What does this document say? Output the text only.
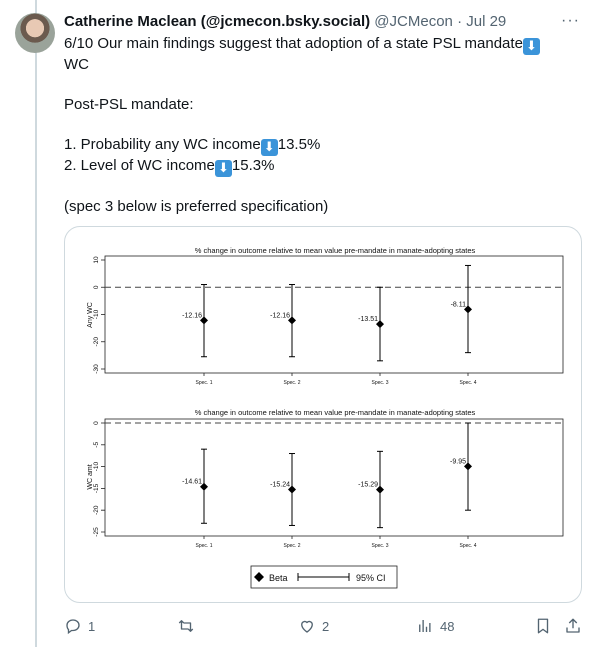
Catherine Maclean (@jcmecon.bsky.social) @JCMecon · Jul 29	···

6/10 Our main findings suggest that adoption of a state PSL mandate ⬇

WC

Post-PSL mandate:

1. Probability any WC income ⬇ 13.5%

2. Level of WC income ⬇ 15.3%

(spec 3 below is preferred specification)

% change in outcome relative to mean value pre-mandate in manate-adopting states
Any WC
10
0
-10
-20
-30
-12.16
Spec. 1
-12.16
Spec. 2
-13.51
Spec. 3
-8.11
Spec. 4
% change in outcome relative to mean value pre-mandate in manate-adopting states
WC amt
0
-5
-10
-15
-20
-25
-14.61
Spec. 1
-15.24
Spec. 2
-15.29
Spec. 3
-9.95
Spec. 4
Beta	95% CI
1	2	48
